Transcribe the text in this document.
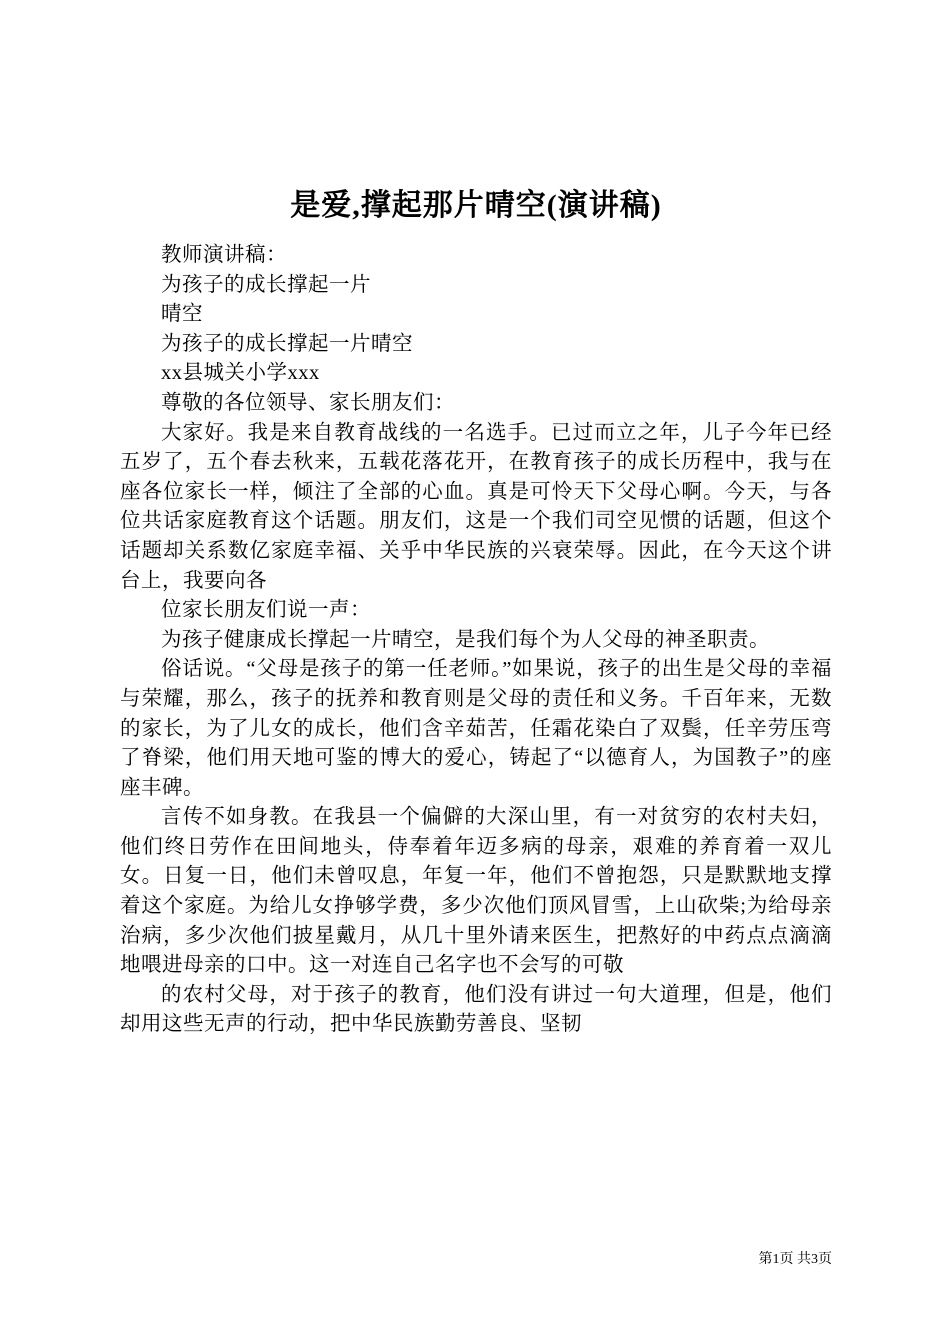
是爱,撑起那片晴空(演讲稿)

教师演讲稿：

为孩子的成长撑起一片

晴空

为孩子的成长撑起一片晴空

xx县城关小学xxx

尊敬的各位领导、家长朋友们：

大家好。我是来自教育战线的一名选手。已过而立之年，儿子今年已经五岁了，五个春去秋来，五载花落花开，在教育孩子的成长历程中，我与在座各位家长一样，倾注了全部的心血。真是可怜天下父母心啊。今天，与各位共话家庭教育这个话题。朋友们，这是一个我们司空见惯的话题，但这个话题却关系数亿家庭幸福、关乎中华民族的兴衰荣辱。因此，在今天这个讲台上，我要向各

位家长朋友们说一声：

为孩子健康成长撑起一片晴空，是我们每个为人父母的神圣职责。

俗话说。“父母是孩子的第一任老师。”如果说，孩子的出生是父母的幸福与荣耀，那么，孩子的抚养和教育则是父母的责任和义务。千百年来，无数的家长，为了儿女的成长，他们含辛茹苦，任霜花染白了双鬓，任辛劳压弯了脊梁，他们用天地可鉴的博大的爱心，铸起了“以德育人，为国教子”的座座丰碑。

言传不如身教。在我县一个偏僻的大深山里，有一对贫穷的农村夫妇，他们终日劳作在田间地头，侍奉着年迈多病的母亲，艰难的养育着一双儿女。日复一日，他们未曾叹息，年复一年，他们不曾抱怨，只是默默地支撑着这个家庭。为给儿女挣够学费，多少次他们顶风冒雪，上山砍柴;为给母亲治病，多少次他们披星戴月，从几十里外请来医生，把熬好的中药点点滴滴地喂进母亲的口中。这一对连自己名字也不会写的可敬

的农村父母，对于孩子的教育，他们没有讲过一句大道理，但是，他们却用这些无声的行动，把中华民族勤劳善良、坚韧

第1页 共3页
